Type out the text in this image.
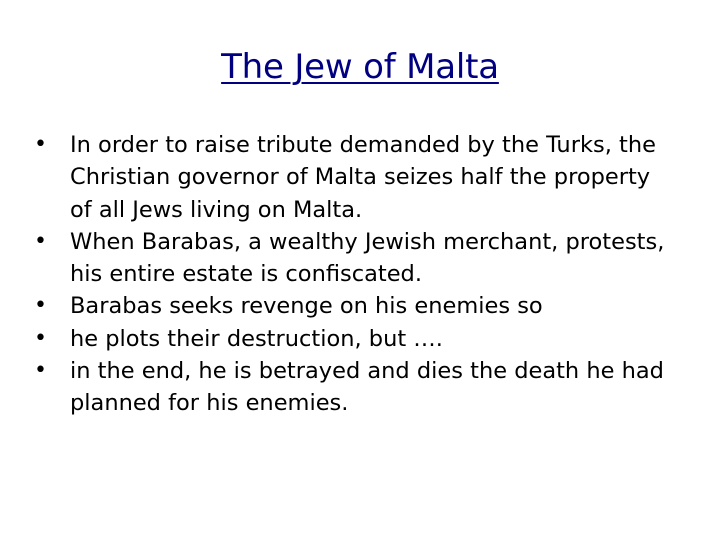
The Jew of Malta
•	In order to raise tribute demanded by the Turks, the Christian governor of Malta seizes half the property of all Jews living on Malta.
•	When Barabas, a wealthy Jewish merchant, protests, his entire estate is confiscated.
•	Barabas seeks revenge on his enemies so
•	he plots their destruction, but ….
•	in the end, he is betrayed and dies the death he had planned for his enemies.
